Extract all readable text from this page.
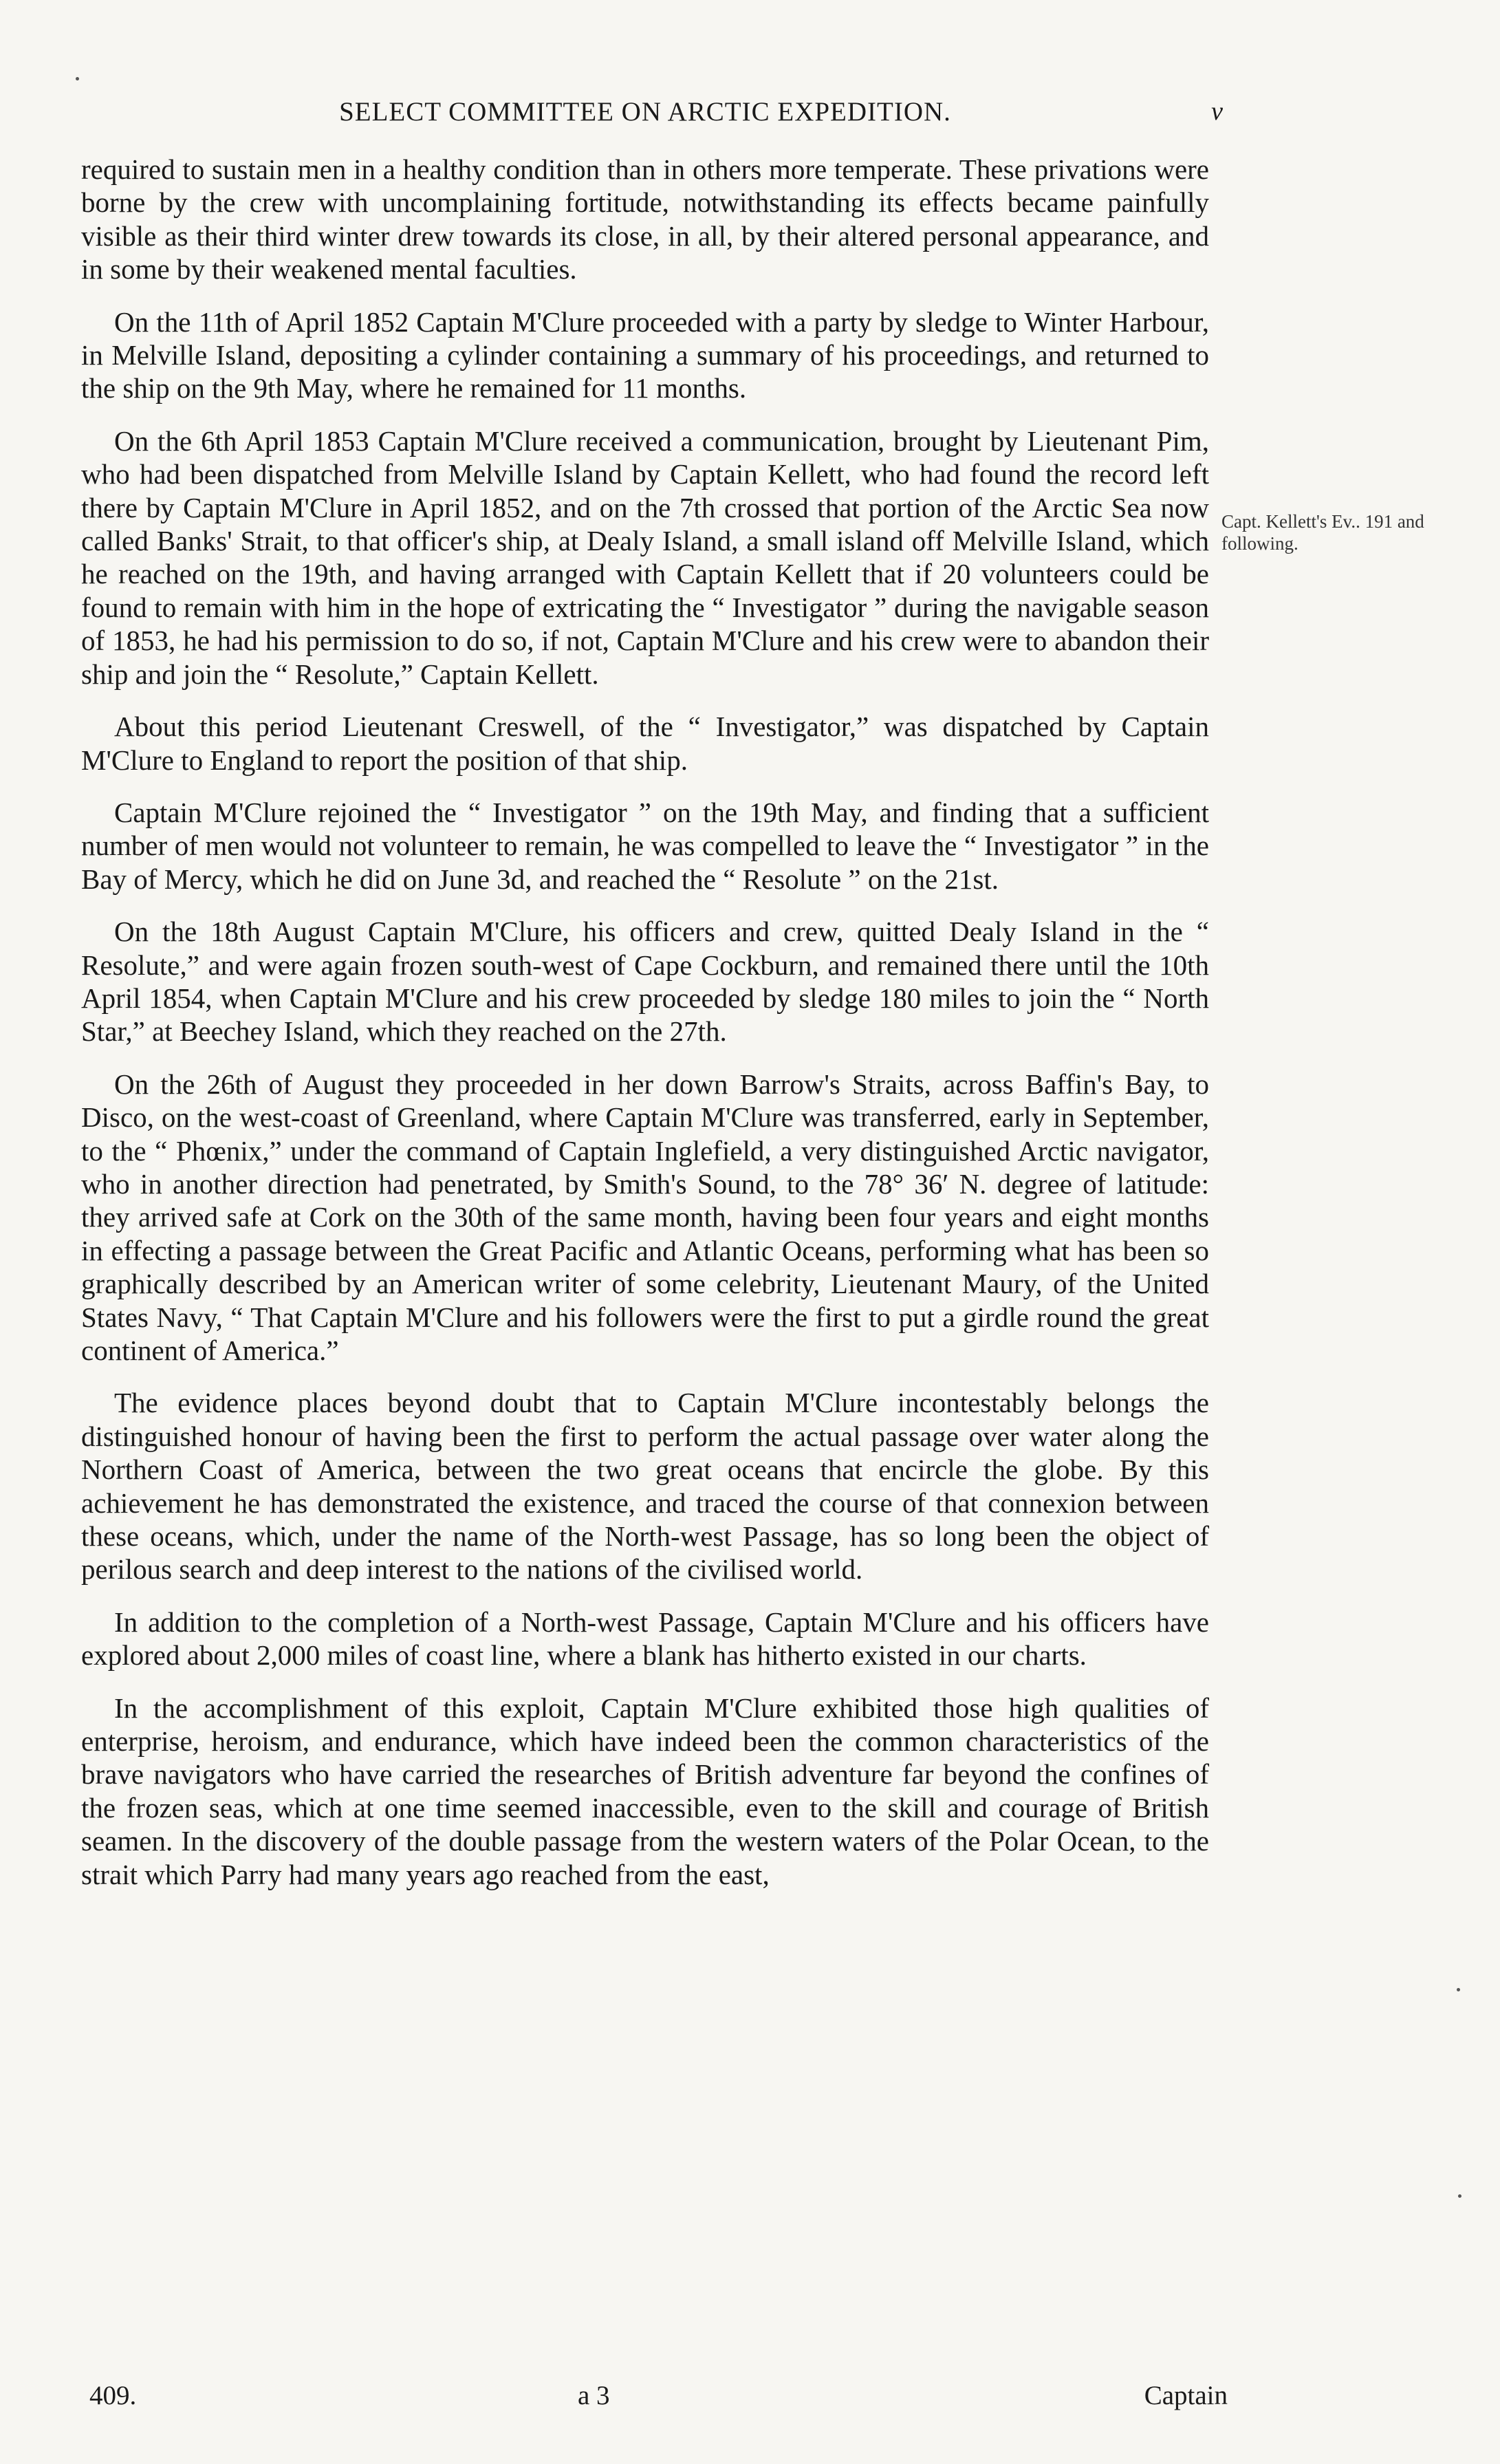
SELECT COMMITTEE ON ARCTIC EXPEDITION.	v

required to sustain men in a healthy condition than in others more temperate. These privations were borne by the crew with uncomplaining fortitude, notwithstanding its effects became painfully visible as their third winter drew towards its close, in all, by their altered personal appearance, and in some by their weakened mental faculties.

On the 11th of April 1852 Captain M'Clure proceeded with a party by sledge to Winter Harbour, in Melville Island, depositing a cylinder containing a summary of his proceedings, and returned to the ship on the 9th May, where he remained for 11 months.

On the 6th April 1853 Captain M'Clure received a communication, brought by Lieutenant Pim, who had been dispatched from Melville Island by Captain Kellett, who had found the record left there by Captain M'Clure in April 1852, and on the 7th crossed that portion of the Arctic Sea now called Banks' Strait, to that officer's ship, at Dealy Island, a small island off Melville Island, which he reached on the 19th, and having arranged with Captain Kellett that if 20 volunteers could be found to remain with him in the hope of extricating the “ Investigator ” during the navigable season of 1853, he had his permission to do so, if not, Captain M'Clure and his crew were to abandon their ship and join the “ Resolute,” Captain Kellett.

About this period Lieutenant Creswell, of the “ Investigator,” was dispatched by Captain M'Clure to England to report the position of that ship.

Captain M'Clure rejoined the “ Investigator ” on the 19th May, and finding that a sufficient number of men would not volunteer to remain, he was compelled to leave the “ Investigator ” in the Bay of Mercy, which he did on June 3d, and reached the “ Resolute ” on the 21st.

On the 18th August Captain M'Clure, his officers and crew, quitted Dealy Island in the “ Resolute,” and were again frozen south-west of Cape Cockburn, and remained there until the 10th April 1854, when Captain M'Clure and his crew proceeded by sledge 180 miles to join the “ North Star,” at Beechey Island, which they reached on the 27th.

On the 26th of August they proceeded in her down Barrow's Straits, across Baffin's Bay, to Disco, on the west-coast of Greenland, where Captain M'Clure was transferred, early in September, to the “ Phœnix,” under the command of Captain Inglefield, a very distinguished Arctic navigator, who in another direction had penetrated, by Smith's Sound, to the 78° 36′ N. degree of latitude: they arrived safe at Cork on the 30th of the same month, having been four years and eight months in effecting a passage between the Great Pacific and Atlantic Oceans, performing what has been so graphically described by an American writer of some celebrity, Lieutenant Maury, of the United States Navy, “ That Captain M'Clure and his followers were the first to put a girdle round the great continent of America.”

The evidence places beyond doubt that to Captain M'Clure incontestably belongs the distinguished honour of having been the first to perform the actual passage over water along the Northern Coast of America, between the two great oceans that encircle the globe. By this achievement he has demonstrated the existence, and traced the course of that connexion between these oceans, which, under the name of the North-west Passage, has so long been the object of perilous search and deep interest to the nations of the civilised world.

In addition to the completion of a North-west Passage, Captain M'Clure and his officers have explored about 2,000 miles of coast line, where a blank has hitherto existed in our charts.

In the accomplishment of this exploit, Captain M'Clure exhibited those high qualities of enterprise, heroism, and endurance, which have indeed been the common characteristics of the brave navigators who have carried the researches of British adventure far beyond the confines of the frozen seas, which at one time seemed inaccessible, even to the skill and courage of British seamen. In the discovery of the double passage from the western waters of the Polar Ocean, to the strait which Parry had many years ago reached from the east,

Capt. Kellett's Ev.. 191 and following.
409.	a 3	Captain
